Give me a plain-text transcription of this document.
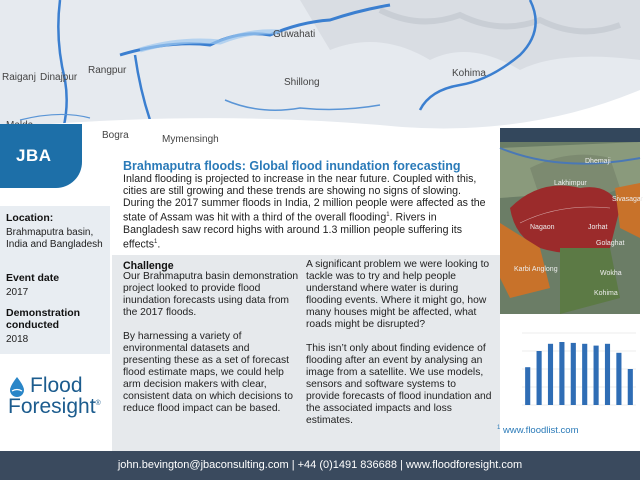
Guwahati
Rangpur
Raiganj Dinajpur	Shillong
Kohima
Bogra	Mymensingh
JBA
Brahmaputra floods: Global flood inundation forecasting
Inland flooding is projected to increase in the near future. Coupled with this, cities are still growing and these trends are showing no signs of slowing. During the 2017 summer floods in India, 2 million people were affected as the state of Assam was hit with a third of the overall flooding$^1$. Rivers in Bangladesh saw record highs with around 1.3 million people suffering its effects$^1$.
Location:
Brahmaputra basin, India and Bangladesh
Event date
2017
Demonstration conducted
2018
Flood
Foresight®
Challenge

Our Brahmaputra basin demonstration project looked to provide flood inundation forecasts using data from the 2017 floods.

By harnessing a variety of environmental datasets and presenting these as a set of forecast flood estimate maps, we could help arm decision makers with clear, consistent data on which decisions to reduce flood impact can be based.

A significant problem we were looking to tackle was to try and help people understand where water is during flooding events. Where it might go, how many houses might be affected, what roads might be disrupted?

This isn’t only about finding evidence of flooding after an event by analysing an image from a satellite. We use models, sensors and software systems to provide forecasts of flood inundation and the associated impacts and loss estimates.

Dhemaji
Lakhimpur
Sivasagar
Jorhat
Golaghat
Karbi Anglong
Nagaon
Wokha
Kohima
$^1$ www.floodlist.com
john.bevington@jbaconsulting.com | +44 (0)1491 836688 | www.floodforesight.com
